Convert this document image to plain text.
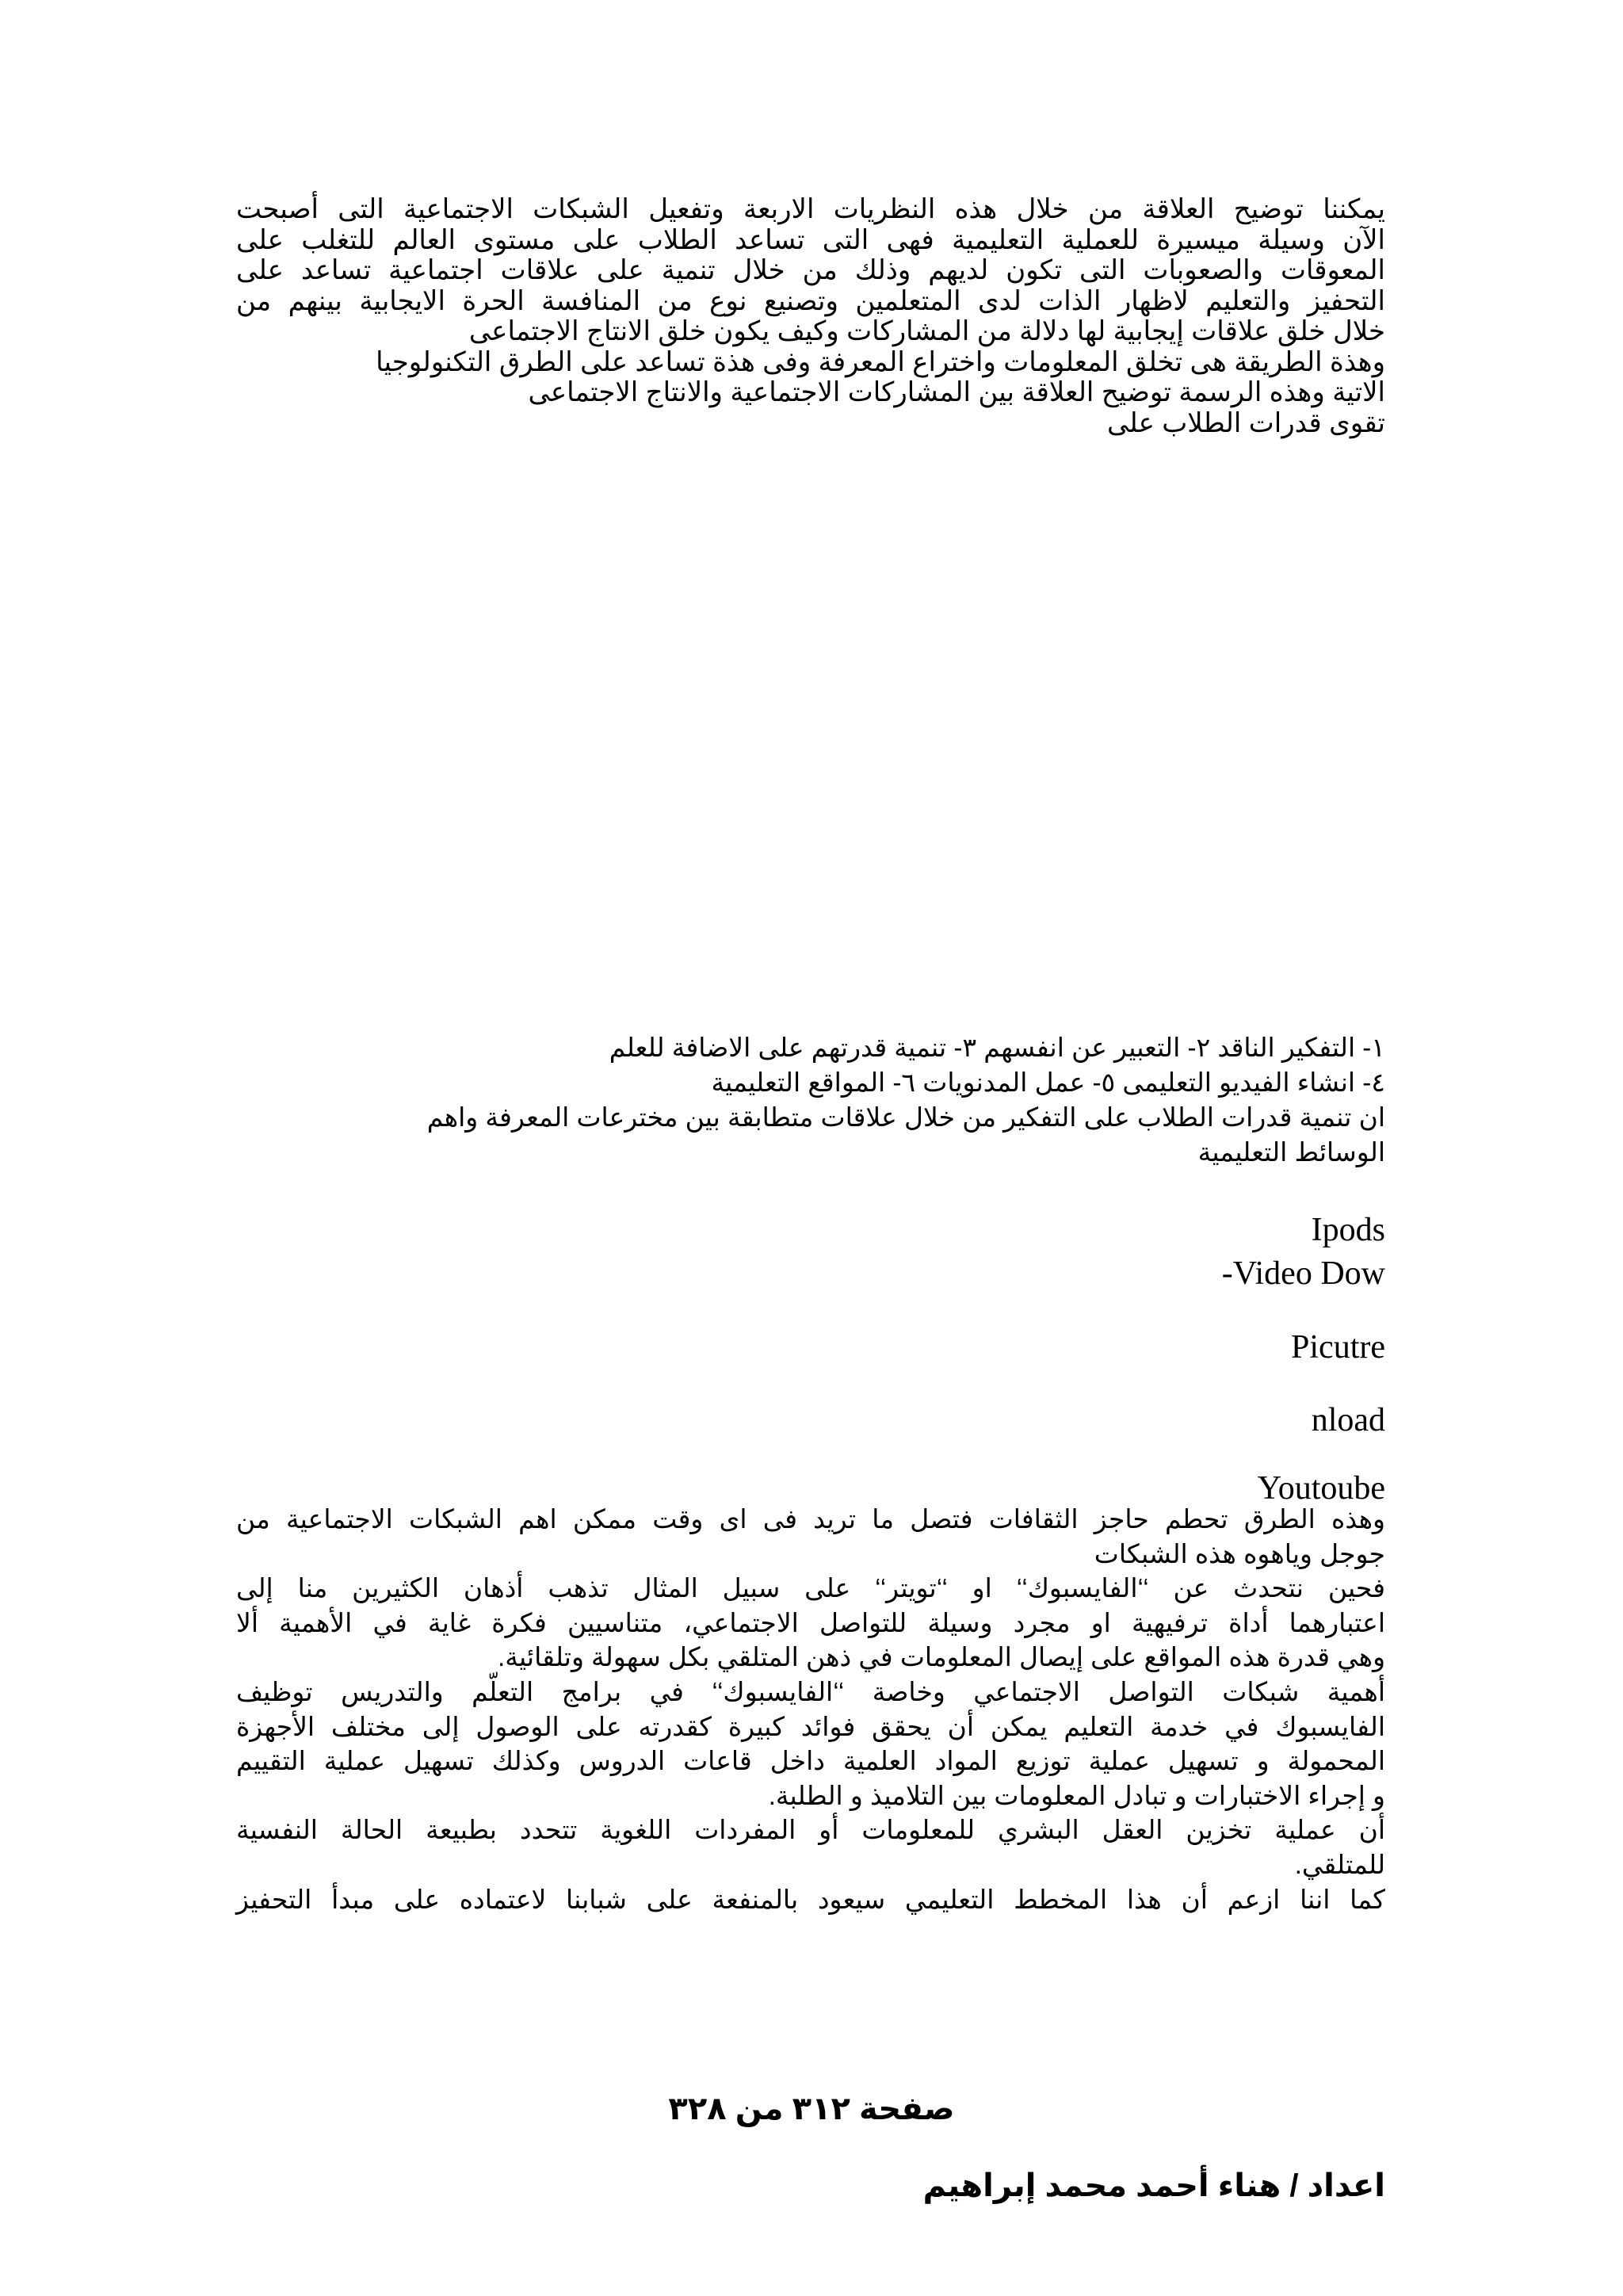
يمكننا توضيح العلاقة من خلال هذه النظريات الاربعة وتفعيل الشبكات الاجتماعية التى أصبحت
الآن وسيلة ميسيرة للعملية التعليمية فهى التى تساعد الطلاب على مستوى العالم للتغلب على
المعوقات والصعوبات التى تكون لديهم وذلك من خلال تنمية على علاقات اجتماعية تساعد على
التحفيز والتعليم لاظهار الذات لدى المتعلمين وتصنيع نوع من المنافسة الحرة الايجابية بينهم من
خلال خلق علاقات إيجابية لها دلالة من المشاركات وكيف يكون خلق الانتاج الاجتماعى
وهذة الطريقة هى تخلق المعلومات واختراع المعرفة وفى هذة تساعد على الطرق التكنولوجيا
الاتية وهذه الرسمة توضيح العلاقة بين المشاركات الاجتماعية والانتاج الاجتماعى
تقوى قدرات الطلاب على
١- التفكير الناقد ٢- التعبير عن انفسهم ٣- تنمية قدرتهم على الاضافة للعلم
٤- انشاء الفيديو التعليمى ٥- عمل المدنويات ٦- المواقع التعليمية
ان تنمية قدرات الطلاب على التفكير من خلال علاقات متطابقة بين مخترعات المعرفة واهم
الوسائط التعليمية
Ipods
-Video Dow
Picutre
nload
Youtoube
وهذه الطرق تحطم حاجز الثقافات فتصل ما تريد فى اى وقت ممكن اهم الشبكات الاجتماعية من
جوجل وياهوه هذه الشبكات
فحين نتحدث عن ‘‘الفايسبوك‘‘ او ‘‘تويتر‘‘ على سبيل المثال تذهب أذهان الكثيرين منا إلى
اعتبارهما أداة ترفيهية او مجرد وسيلة للتواصل الاجتماعي، متناسيين فكرة غاية في الأهمية ألا
وهي قدرة هذه المواقع على إيصال المعلومات في ذهن المتلقي بكل سهولة وتلقائية.
أهمية شبكات التواصل الاجتماعي وخاصة ‘‘الفايسبوك‘‘ في برامج التعلّم والتدريس توظيف
الفايسبوك في خدمة التعليم يمكن أن يحقق فوائد كبيرة كقدرته على الوصول إلى مختلف الأجهزة
المحمولة و تسهيل عملية توزيع المواد العلمية داخل قاعات الدروس وكذلك تسهيل عملية التقييم
و إجراء الاختبارات و تبادل المعلومات بين التلاميذ و الطلبة.
أن عملية تخزين العقل البشري للمعلومات أو المفردات اللغوية تتحدد بطبيعة الحالة النفسية
للمتلقي.
كما اننا ازعم أن هذا المخطط التعليمي سيعود بالمنفعة على شبابنا لاعتماده على مبدأ التحفيز
صفحة ٣١٢ من ٣٢٨
اعداد / هناء أحمد محمد إبراهيم
